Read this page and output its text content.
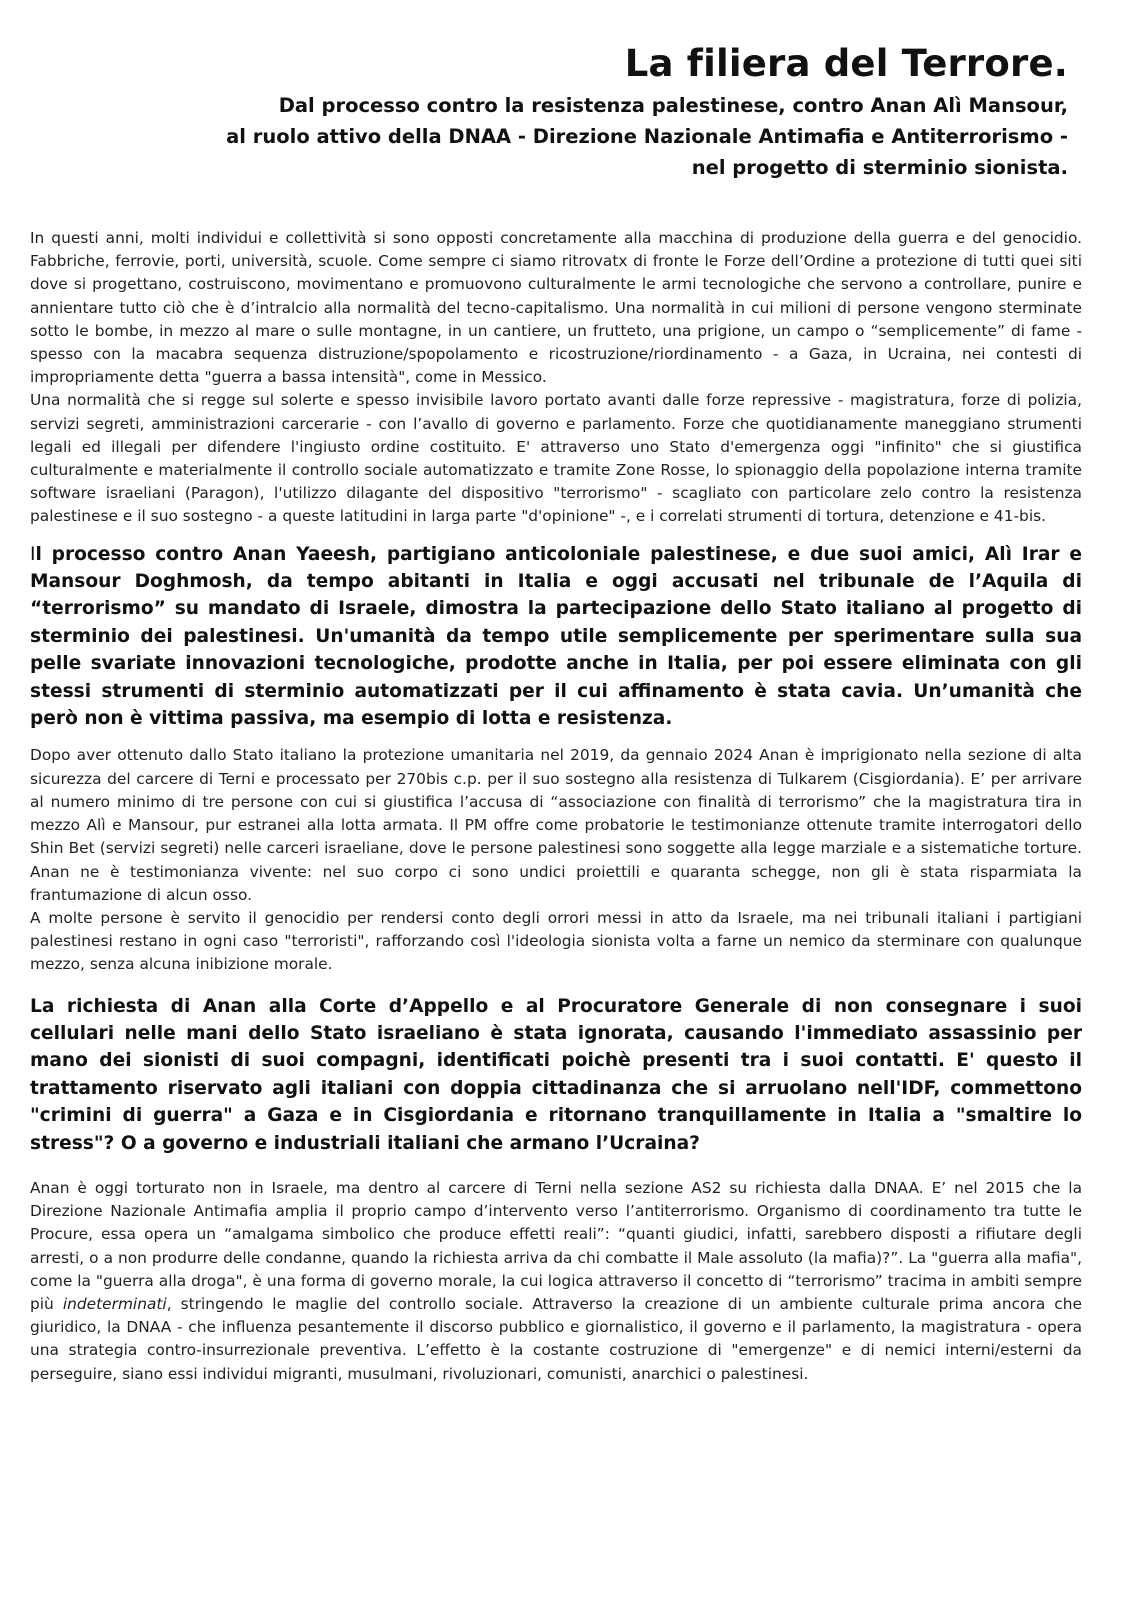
La filiera del Terrore.
Dal processo contro la resistenza palestinese, contro Anan Alì Mansour,
al ruolo attivo della DNAA - Direzione Nazionale Antimafia e Antiterrorismo -
nel progetto di sterminio sionista.

In questi anni, molti individui e collettività si sono opposti concretamente alla macchina di produzione della guerra e del genocidio. Fabbriche, ferrovie, porti, università, scuole. Come sempre ci siamo ritrovatx di fronte le Forze dell’Ordine a protezione di tutti quei siti dove si progettano, costruiscono, movimentano e promuovono culturalmente le armi tecnologiche che servono a controllare, punire e annientare tutto ciò che è d’intralcio alla normalità del tecno-capitalismo. Una normalità in cui milioni di persone vengono sterminate sotto le bombe, in mezzo al mare o sulle montagne, in un cantiere, un frutteto, una prigione, un campo o “semplicemente” di fame - spesso con la macabra sequenza distruzione/spopolamento e ricostruzione/riordinamento - a Gaza, in Ucraina, nei contesti di impropriamente detta "guerra a bassa intensità", come in Messico.

Una normalità che si regge sul solerte e spesso invisibile lavoro portato avanti dalle forze repressive - magistratura, forze di polizia, servizi segreti, amministrazioni carcerarie - con l’avallo di governo e parlamento. Forze che quotidianamente maneggiano strumenti legali ed illegali per difendere l'ingiusto ordine costituito. E' attraverso uno Stato d'emergenza oggi "infinito" che si giustifica culturalmente e materialmente il controllo sociale automatizzato e tramite Zone Rosse, lo spionaggio della popolazione interna tramite software israeliani (Paragon), l'utilizzo dilagante del dispositivo "terrorismo" - scagliato con particolare zelo contro la resistenza palestinese e il suo sostegno - a queste latitudini in larga parte "d'opinione" -, e i correlati strumenti di tortura, detenzione e 41-bis.

Il processo contro Anan Yaeesh, partigiano anticoloniale palestinese, e due suoi amici, Alì Irar e Mansour Doghmosh, da tempo abitanti in Italia e oggi accusati nel tribunale de l’Aquila di “terrorismo” su mandato di Israele, dimostra la partecipazione dello Stato italiano al progetto di sterminio dei palestinesi. Un'umanità da tempo utile semplicemente per sperimentare sulla sua pelle svariate innovazioni tecnologiche, prodotte anche in Italia, per poi essere eliminata con gli stessi strumenti di sterminio automatizzati per il cui affinamento è stata cavia. Un’umanità che però non è vittima passiva, ma esempio di lotta e resistenza.

Dopo aver ottenuto dallo Stato italiano la protezione umanitaria nel 2019, da gennaio 2024 Anan è imprigionato nella sezione di alta sicurezza del carcere di Terni e processato per 270bis c.p. per il suo sostegno alla resistenza di Tulkarem (Cisgiordania). E’ per arrivare al numero minimo di tre persone con cui si giustifica l’accusa di “associazione con finalità di terrorismo” che la magistratura tira in mezzo Alì e Mansour, pur estranei alla lotta armata. Il PM offre come probatorie le testimonianze ottenute tramite interrogatori dello Shin Bet (servizi segreti) nelle carceri israeliane, dove le persone palestinesi sono soggette alla legge marziale e a sistematiche torture. Anan ne è testimonianza vivente: nel suo corpo ci sono undici proiettili e quaranta schegge, non gli è stata risparmiata la frantumazione di alcun osso.

A molte persone è servito il genocidio per rendersi conto degli orrori messi in atto da Israele, ma nei tribunali italiani i partigiani palestinesi restano in ogni caso "terroristi", rafforzando così l'ideologia sionista volta a farne un nemico da sterminare con qualunque mezzo, senza alcuna inibizione morale.

La richiesta di Anan alla Corte d’Appello e al Procuratore Generale di non consegnare i suoi cellulari nelle mani dello Stato israeliano è stata ignorata, causando l'immediato assassinio per mano dei sionisti di suoi compagni, identificati poichè presenti tra i suoi contatti. E' questo il trattamento riservato agli italiani con doppia cittadinanza che si arruolano nell'IDF, commettono "crimini di guerra" a Gaza e in Cisgiordania e ritornano tranquillamente in Italia a "smaltire lo stress"? O a governo e industriali italiani che armano l’Ucraina?

Anan è oggi torturato non in Israele, ma dentro al carcere di Terni nella sezione AS2 su richiesta dalla DNAA. E’ nel 2015 che la Direzione Nazionale Antimafia amplia il proprio campo d’intervento verso l’antiterrorismo. Organismo di coordinamento tra tutte le Procure, essa opera un “amalgama simbolico che produce effetti reali”: “quanti giudici, infatti, sarebbero disposti a rifiutare degli arresti, o a non produrre delle condanne, quando la richiesta arriva da chi combatte il Male assoluto (la mafia)?”. La "guerra alla mafia", come la "guerra alla droga", è una forma di governo morale, la cui logica attraverso il concetto di “terrorismo” tracima in ambiti sempre più indeterminati, stringendo le maglie del controllo sociale. Attraverso la creazione di un ambiente culturale prima ancora che giuridico, la DNAA - che influenza pesantemente il discorso pubblico e giornalistico, il governo e il parlamento, la magistratura - opera una strategia contro-insurrezionale preventiva. L’effetto è la costante costruzione di "emergenze" e di nemici interni/esterni da perseguire, siano essi individui migranti, musulmani, rivoluzionari, comunisti, anarchici o palestinesi.
